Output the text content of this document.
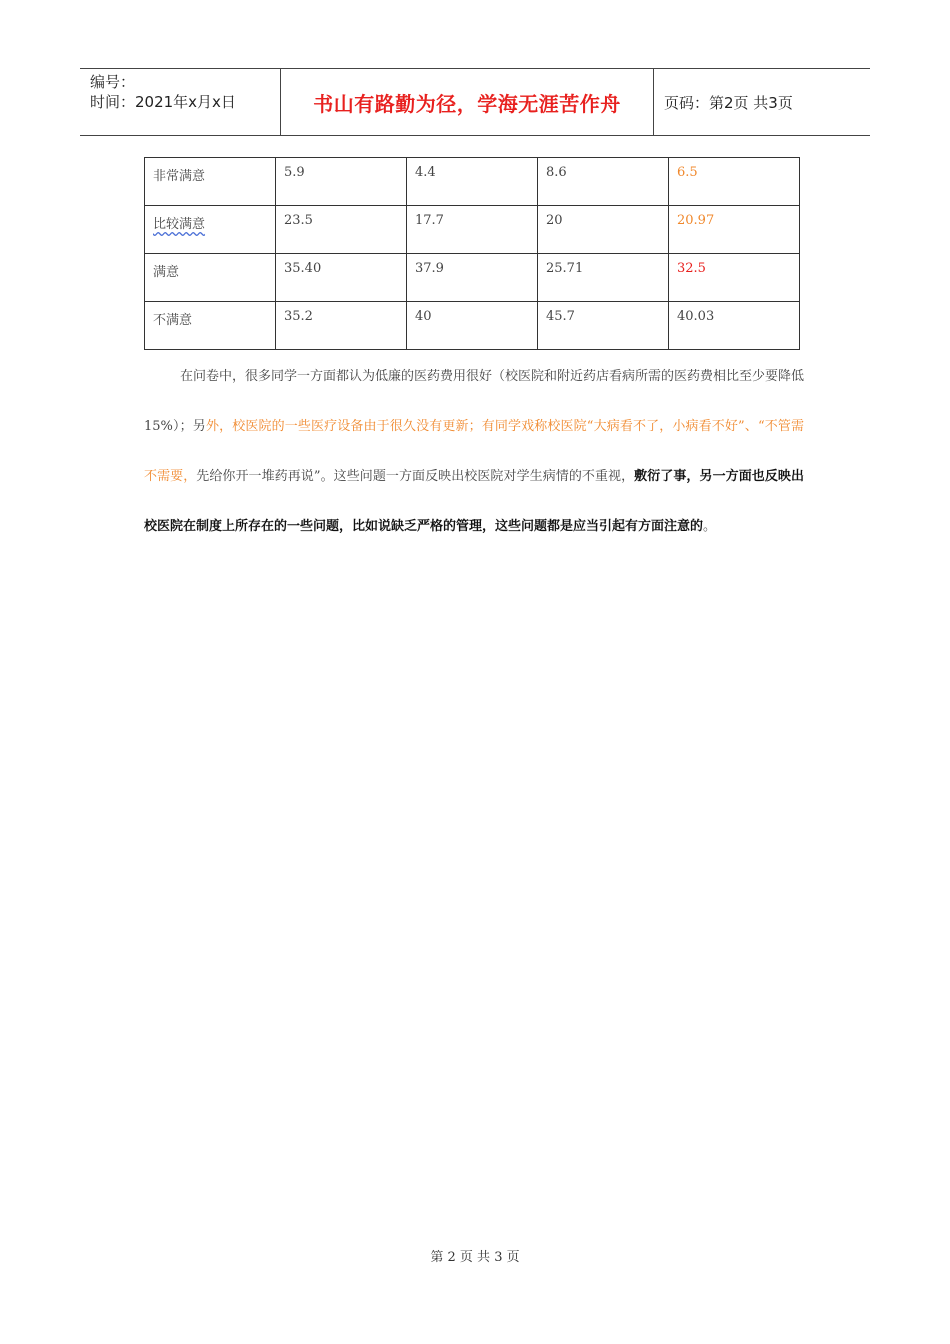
编号：
时间：2021年x月x日	书山有路勤为径，学海无涯苦作舟	页码：第2页 共3页
非常满意	5.9	4.4	8.6	6.5
比较满意	23.5	17.7	20	20.97
满意	35.40	37.9	25.71	32.5
不满意	35.2	40	45.7	40.03
在问卷中，很多同学一方面都认为低廉的医药费用很好（校医院和附近药店看病所需的医药费相比至少要降低15%）；另外，校医院的一些医疗设备由于很久没有更新；有同学戏称校医院“大病看不了，小病看不好”、“不管需不需要，先给你开一堆药再说”。这些问题一方面反映出校医院对学生病情的不重视，敷衍了事，另一方面也反映出校医院在制度上所存在的一些问题，比如说缺乏严格的管理，这些问题都是应当引起有方面注意的。
第 2 页 共 3 页
